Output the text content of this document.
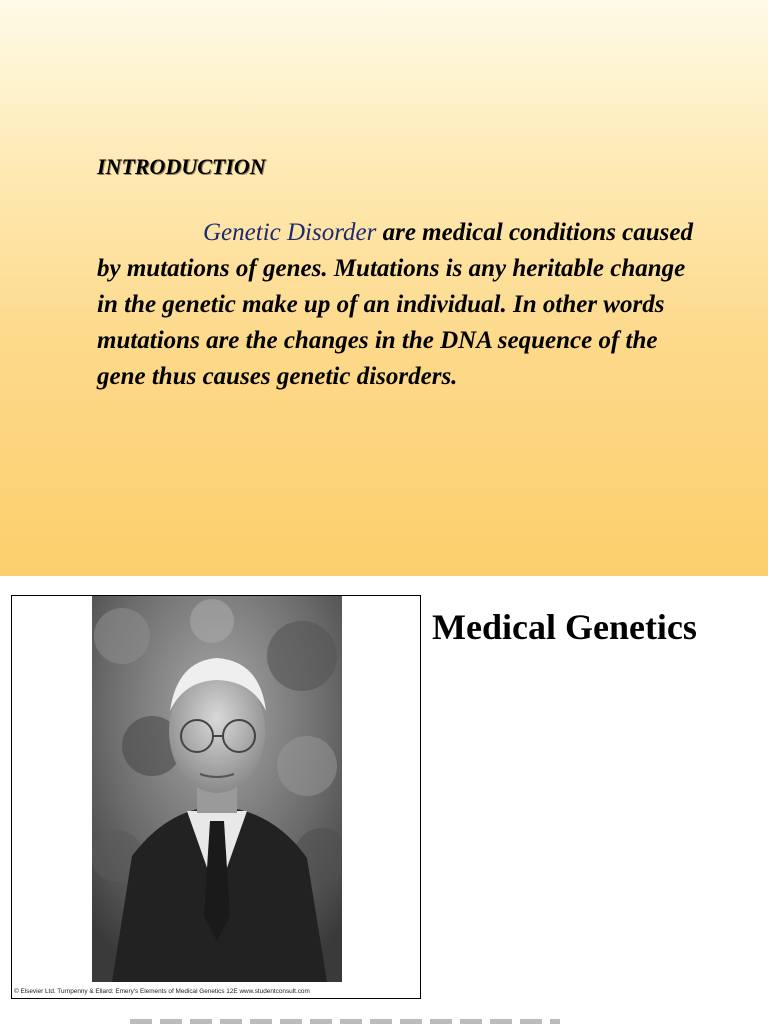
INTRODUCTION

Genetic Disorder are medical conditions caused by mutations of genes. Mutations is any heritable change in the genetic make up of an individual. In other words mutations are the changes in the DNA sequence of the gene thus causes genetic disorders.

© Elsevier Ltd. Turnpenny & Ellard: Emery's Elements of Medical Genetics 12E www.studentconsult.com

Medical Genetics
